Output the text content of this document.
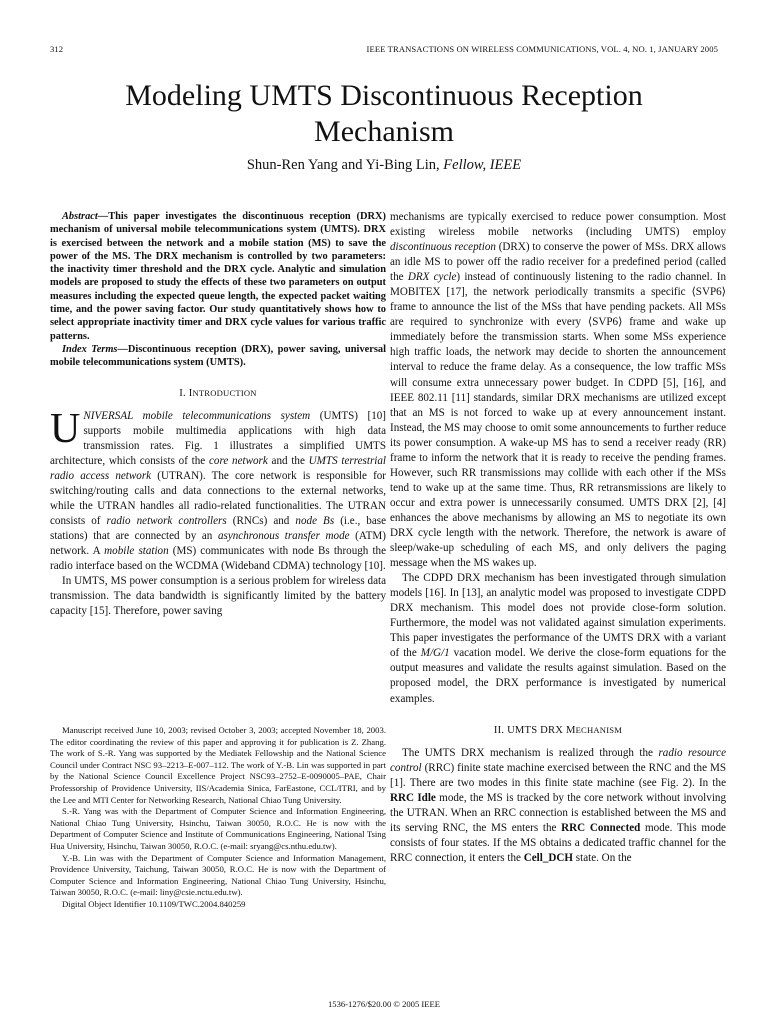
312	IEEE TRANSACTIONS ON WIRELESS COMMUNICATIONS, VOL. 4, NO. 1, JANUARY 2005
Modeling UMTS Discontinuous Reception
Mechanism
Shun-Ren Yang and Yi-Bing Lin, Fellow, IEEE

Abstract—This paper investigates the discontinuous reception (DRX) mechanism of universal mobile telecommunications system (UMTS). DRX is exercised between the network and a mobile station (MS) to save the power of the MS. The DRX mechanism is controlled by two parameters: the inactivity timer threshold and the DRX cycle. Analytic and simulation models are proposed to study the effects of these two parameters on output measures including the expected queue length, the expected packet waiting time, and the power saving factor. Our study quantitatively shows how to select appropriate inactivity timer and DRX cycle values for various traffic patterns.

Index Terms—Discontinuous reception (DRX), power saving, universal mobile telecommunications system (UMTS).

I. INTRODUCTION

UNIVERSAL mobile telecommunications system (UMTS) [10] supports mobile multimedia applications with high data transmission rates. Fig. 1 illustrates a simplified UMTS architecture, which consists of the core network and the UMTS terrestrial radio access network (UTRAN). The core network is responsible for switching/routing calls and data connections to the external networks, while the UTRAN handles all radio-related functionalities. The UTRAN consists of radio network controllers (RNCs) and node Bs (i.e., base stations) that are connected by an asynchronous transfer mode (ATM) network. A mobile station (MS) communicates with node Bs through the radio interface based on the WCDMA (Wideband CDMA) technology [10].

In UMTS, MS power consumption is a serious problem for wireless data transmission. The data bandwidth is significantly limited by the battery capacity [15]. Therefore, power saving

Manuscript received June 10, 2003; revised October 3, 2003; accepted November 18, 2003. The editor coordinating the review of this paper and approving it for publication is Z. Zhang. The work of S.-R. Yang was supported by the Mediatek Fellowship and the National Science Council under Contract NSC 93–2213–E-007–112. The work of Y.-B. Lin was supported in part by the National Science Council Excellence Project NSC93–2752–E-0090005–PAE, Chair Professorship of Providence University, IIS/Academia Sinica, FarEastone, CCL/ITRI, and by the Lee and MTI Center for Networking Research, National Chiao Tung University.

S.-R. Yang was with the Department of Computer Science and Information Engineering, National Chiao Tung University, Hsinchu, Taiwan 30050, R.O.C. He is now with the Department of Computer Science and Institute of Communications Engineering, National Tsing Hua University, Hsinchu, Taiwan 30050, R.O.C. (e-mail: sryang@cs.nthu.edu.tw).

Y.-B. Lin was with the Department of Computer Science and Information Management, Providence University, Taichung, Taiwan 30050, R.O.C. He is now with the Department of Computer Science and Information Engineering, National Chiao Tung University, Hsinchu, Taiwan 30050, R.O.C. (e-mail: liny@csie.nctu.edu.tw).

Digital Object Identifier 10.1109/TWC.2004.840259

mechanisms are typically exercised to reduce power consumption. Most existing wireless mobile networks (including UMTS) employ discontinuous reception (DRX) to conserve the power of MSs. DRX allows an idle MS to power off the radio receiver for a predefined period (called the DRX cycle) instead of continuously listening to the radio channel. In MOBITEX [17], the network periodically transmits a specific ⟨SVP6⟩ frame to announce the list of the MSs that have pending packets. All MSs are required to synchronize with every ⟨SVP6⟩ frame and wake up immediately before the transmission starts. When some MSs experience high traffic loads, the network may decide to shorten the announcement interval to reduce the frame delay. As a consequence, the low traffic MSs will consume extra unnecessary power budget. In CDPD [5], [16], and IEEE 802.11 [11] standards, similar DRX mechanisms are utilized except that an MS is not forced to wake up at every announcement instant. Instead, the MS may choose to omit some announcements to further reduce its power consumption. A wake-up MS has to send a receiver ready (RR) frame to inform the network that it is ready to receive the pending frames. However, such RR transmissions may collide with each other if the MSs tend to wake up at the same time. Thus, RR retransmissions are likely to occur and extra power is unnecessarily consumed. UMTS DRX [2], [4] enhances the above mechanisms by allowing an MS to negotiate its own DRX cycle length with the network. Therefore, the network is aware of sleep/wake-up scheduling of each MS, and only delivers the paging message when the MS wakes up.

The CDPD DRX mechanism has been investigated through simulation models [16]. In [13], an analytic model was proposed to investigate CDPD DRX mechanism. This model does not provide close-form solution. Furthermore, the model was not validated against simulation experiments. This paper investigates the performance of the UMTS DRX with a variant of the M/G/1 vacation model. We derive the close-form equations for the output measures and validate the results against simulation. Based on the proposed model, the DRX performance is investigated by numerical examples.

II. UMTS DRX MECHANISM

The UMTS DRX mechanism is realized through the radio resource control (RRC) finite state machine exercised between the RNC and the MS [1]. There are two modes in this finite state machine (see Fig. 2). In the RRC Idle mode, the MS is tracked by the core network without involving the UTRAN. When an RRC connection is established between the MS and its serving RNC, the MS enters the RRC Connected mode. This mode consists of four states. If the MS obtains a dedicated traffic channel for the RRC connection, it enters the Cell_DCH state. On the

1536-1276/$20.00 © 2005 IEEE
